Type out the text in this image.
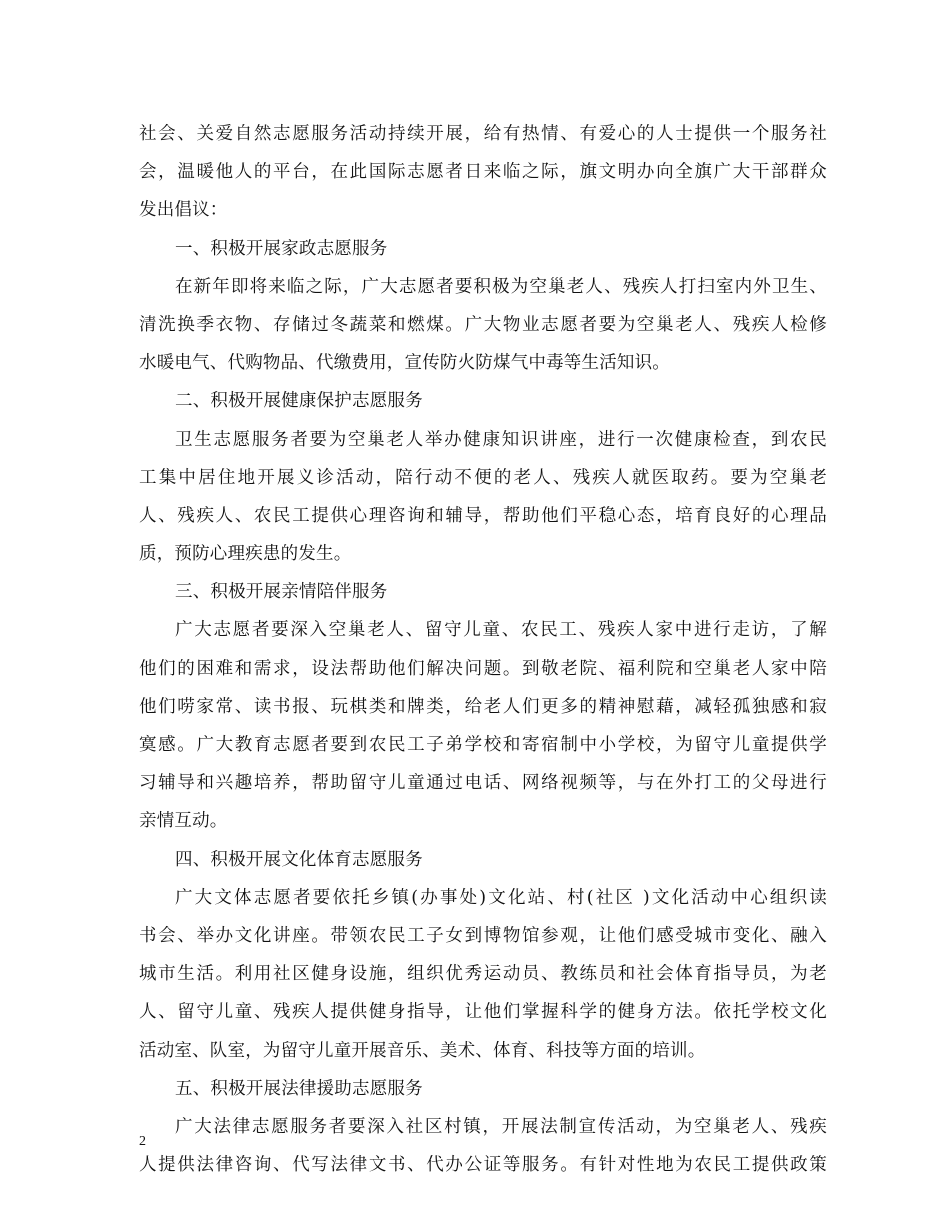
社会、关爱自然志愿服务活动持续开展，给有热情、有爱心的人士提供一个服务社
会，温暖他人的平台，在此国际志愿者日来临之际，旗文明办向全旗广大干部群众
发出倡议：
一、积极开展家政志愿服务
在新年即将来临之际，广大志愿者要积极为空巢老人、残疾人打扫室内外卫生、
清洗换季衣物、存储过冬蔬菜和燃煤。广大物业志愿者要为空巢老人、残疾人检修
水暖电气、代购物品、代缴费用，宣传防火防煤气中毒等生活知识。
二、积极开展健康保护志愿服务
卫生志愿服务者要为空巢老人举办健康知识讲座，进行一次健康检查，到农民
工集中居住地开展义诊活动，陪行动不便的老人、残疾人就医取药。要为空巢老
人、残疾人、农民工提供心理咨询和辅导，帮助他们平稳心态，培育良好的心理品
质，预防心理疾患的发生。
三、积极开展亲情陪伴服务
广大志愿者要深入空巢老人、留守儿童、农民工、残疾人家中进行走访，了解
他们的困难和需求，设法帮助他们解决问题。到敬老院、福利院和空巢老人家中陪
他们唠家常、读书报、玩棋类和牌类，给老人们更多的精神慰藉，减轻孤独感和寂
寞感。广大教育志愿者要到农民工子弟学校和寄宿制中小学校，为留守儿童提供学
习辅导和兴趣培养，帮助留守儿童通过电话、网络视频等，与在外打工的父母进行
亲情互动。
四、积极开展文化体育志愿服务
广大文体志愿者要依托乡镇(办事处)文化站、村(社区 )文化活动中心组织读
书会、举办文化讲座。带领农民工子女到博物馆参观，让他们感受城市变化、融入
城市生活。利用社区健身设施，组织优秀运动员、教练员和社会体育指导员，为老
人、留守儿童、残疾人提供健身指导，让他们掌握科学的健身方法。依托学校文化
活动室、队室，为留守儿童开展音乐、美术、体育、科技等方面的培训。
五、积极开展法律援助志愿服务
广大法律志愿服务者要深入社区村镇，开展法制宣传活动，为空巢老人、残疾
人提供法律咨询、代写法律文书、代办公证等服务。有针对性地为农民工提供政策
2
